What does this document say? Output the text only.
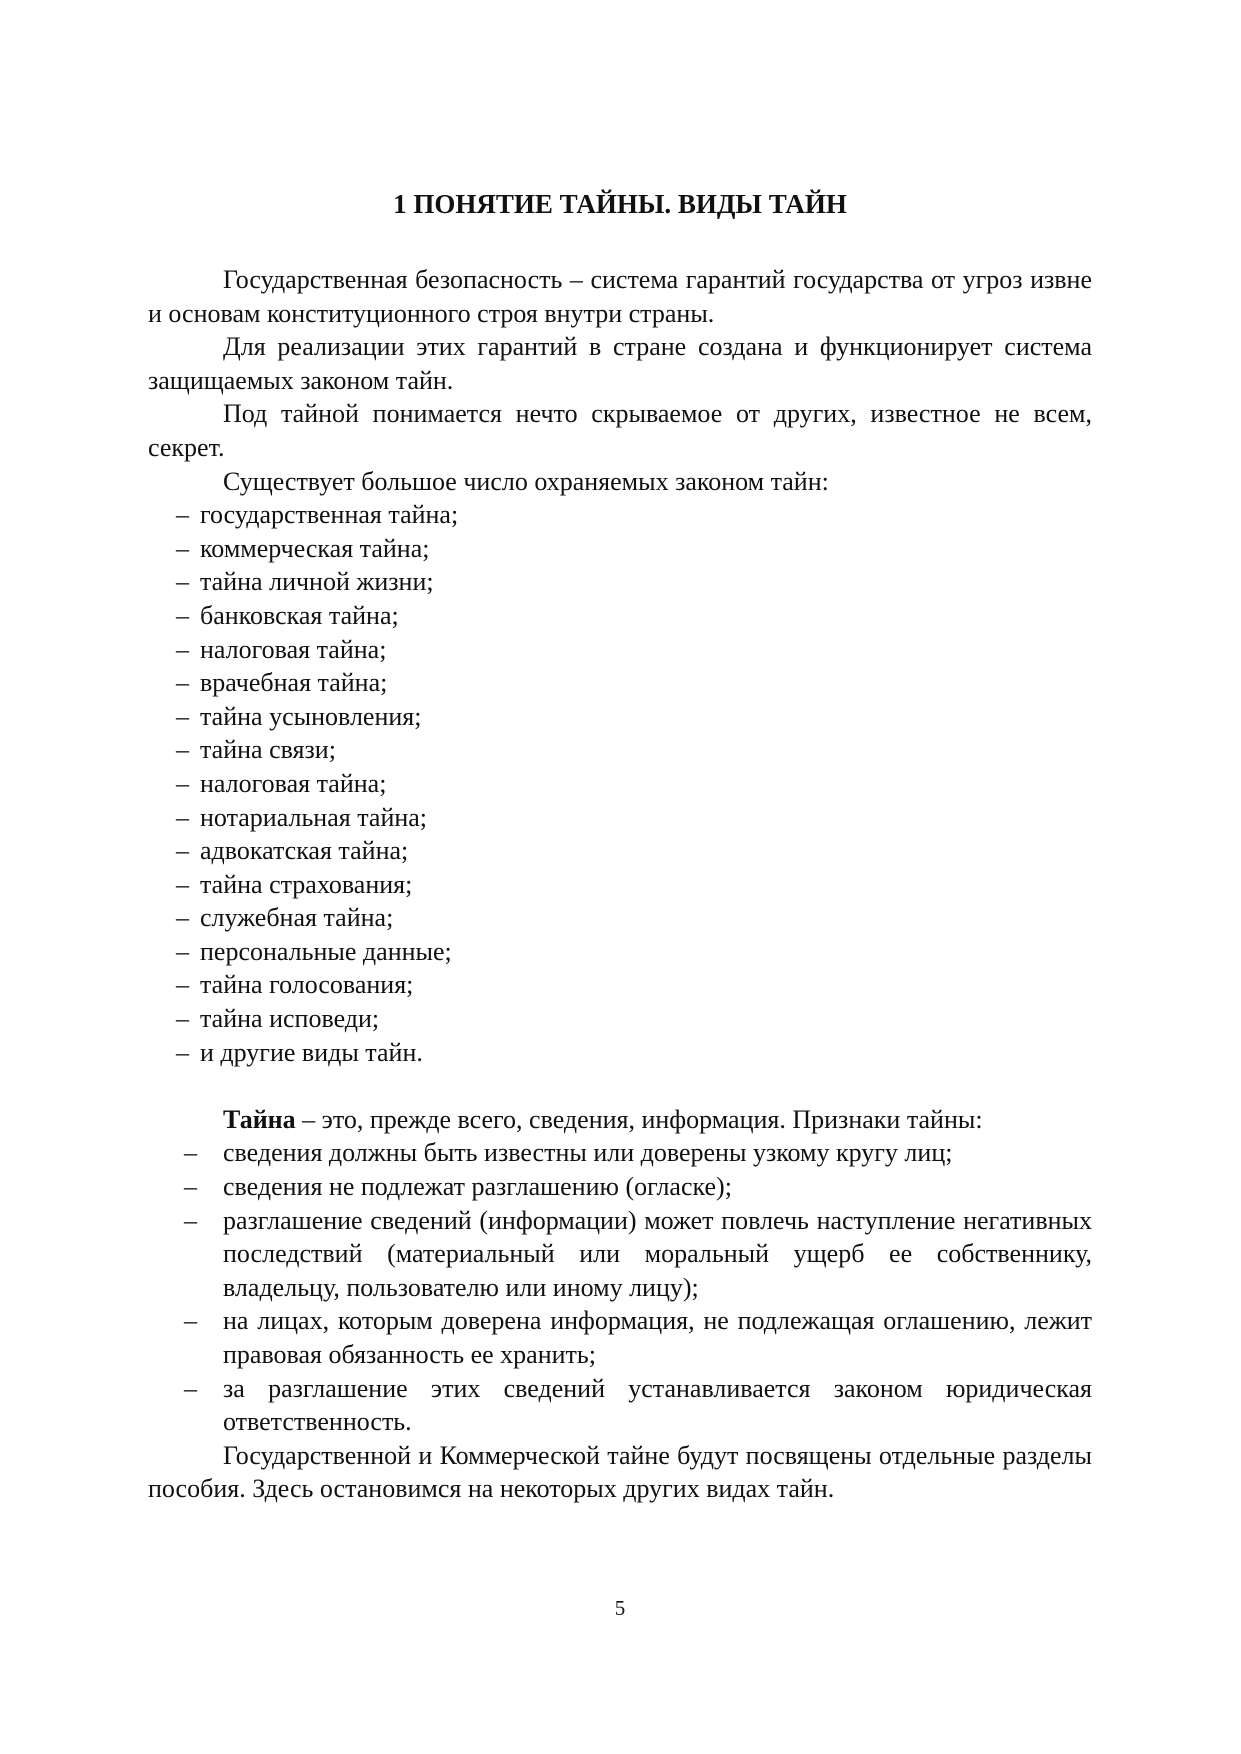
1 ПОНЯТИЕ ТАЙНЫ. ВИДЫ ТАЙН

Государственная безопасность – система гарантий государства от угроз извне и основам конституционного строя внутри страны.

Для реализации этих гарантий в стране создана и функционирует система защищаемых законом тайн.

Под тайной понимается нечто скрываемое от других, известное не всем, секрет.

Существует большое число охраняемых законом тайн:

– государственная тайна;
– коммерческая тайна;
– тайна личной жизни;
– банковская тайна;
– налоговая тайна;
– врачебная тайна;
– тайна усыновления;
– тайна связи;
– налоговая тайна;
– нотариальная тайна;
– адвокатская тайна;
– тайна страхования;
– служебная тайна;
– персональные данные;
– тайна голосования;
– тайна исповеди;
– и другие виды тайн.

Тайна – это, прежде всего, сведения, информация. Признаки тайны:

– сведения должны быть известны или доверены узкому кругу лиц;
– сведения не подлежат разглашению (огласке);
– разглашение сведений (информации) может повлечь наступление негативных последствий (материальный или моральный ущерб ее собственнику, владельцу, пользователю или иному лицу);
– на лицах, которым доверена информация, не подлежащая оглашению, лежит правовая обязанность ее хранить;
– за разглашение этих сведений устанавливается законом юридическая ответственность.

Государственной и Коммерческой тайне будут посвящены отдельные разделы пособия. Здесь остановимся на некоторых других видах тайн.

5
